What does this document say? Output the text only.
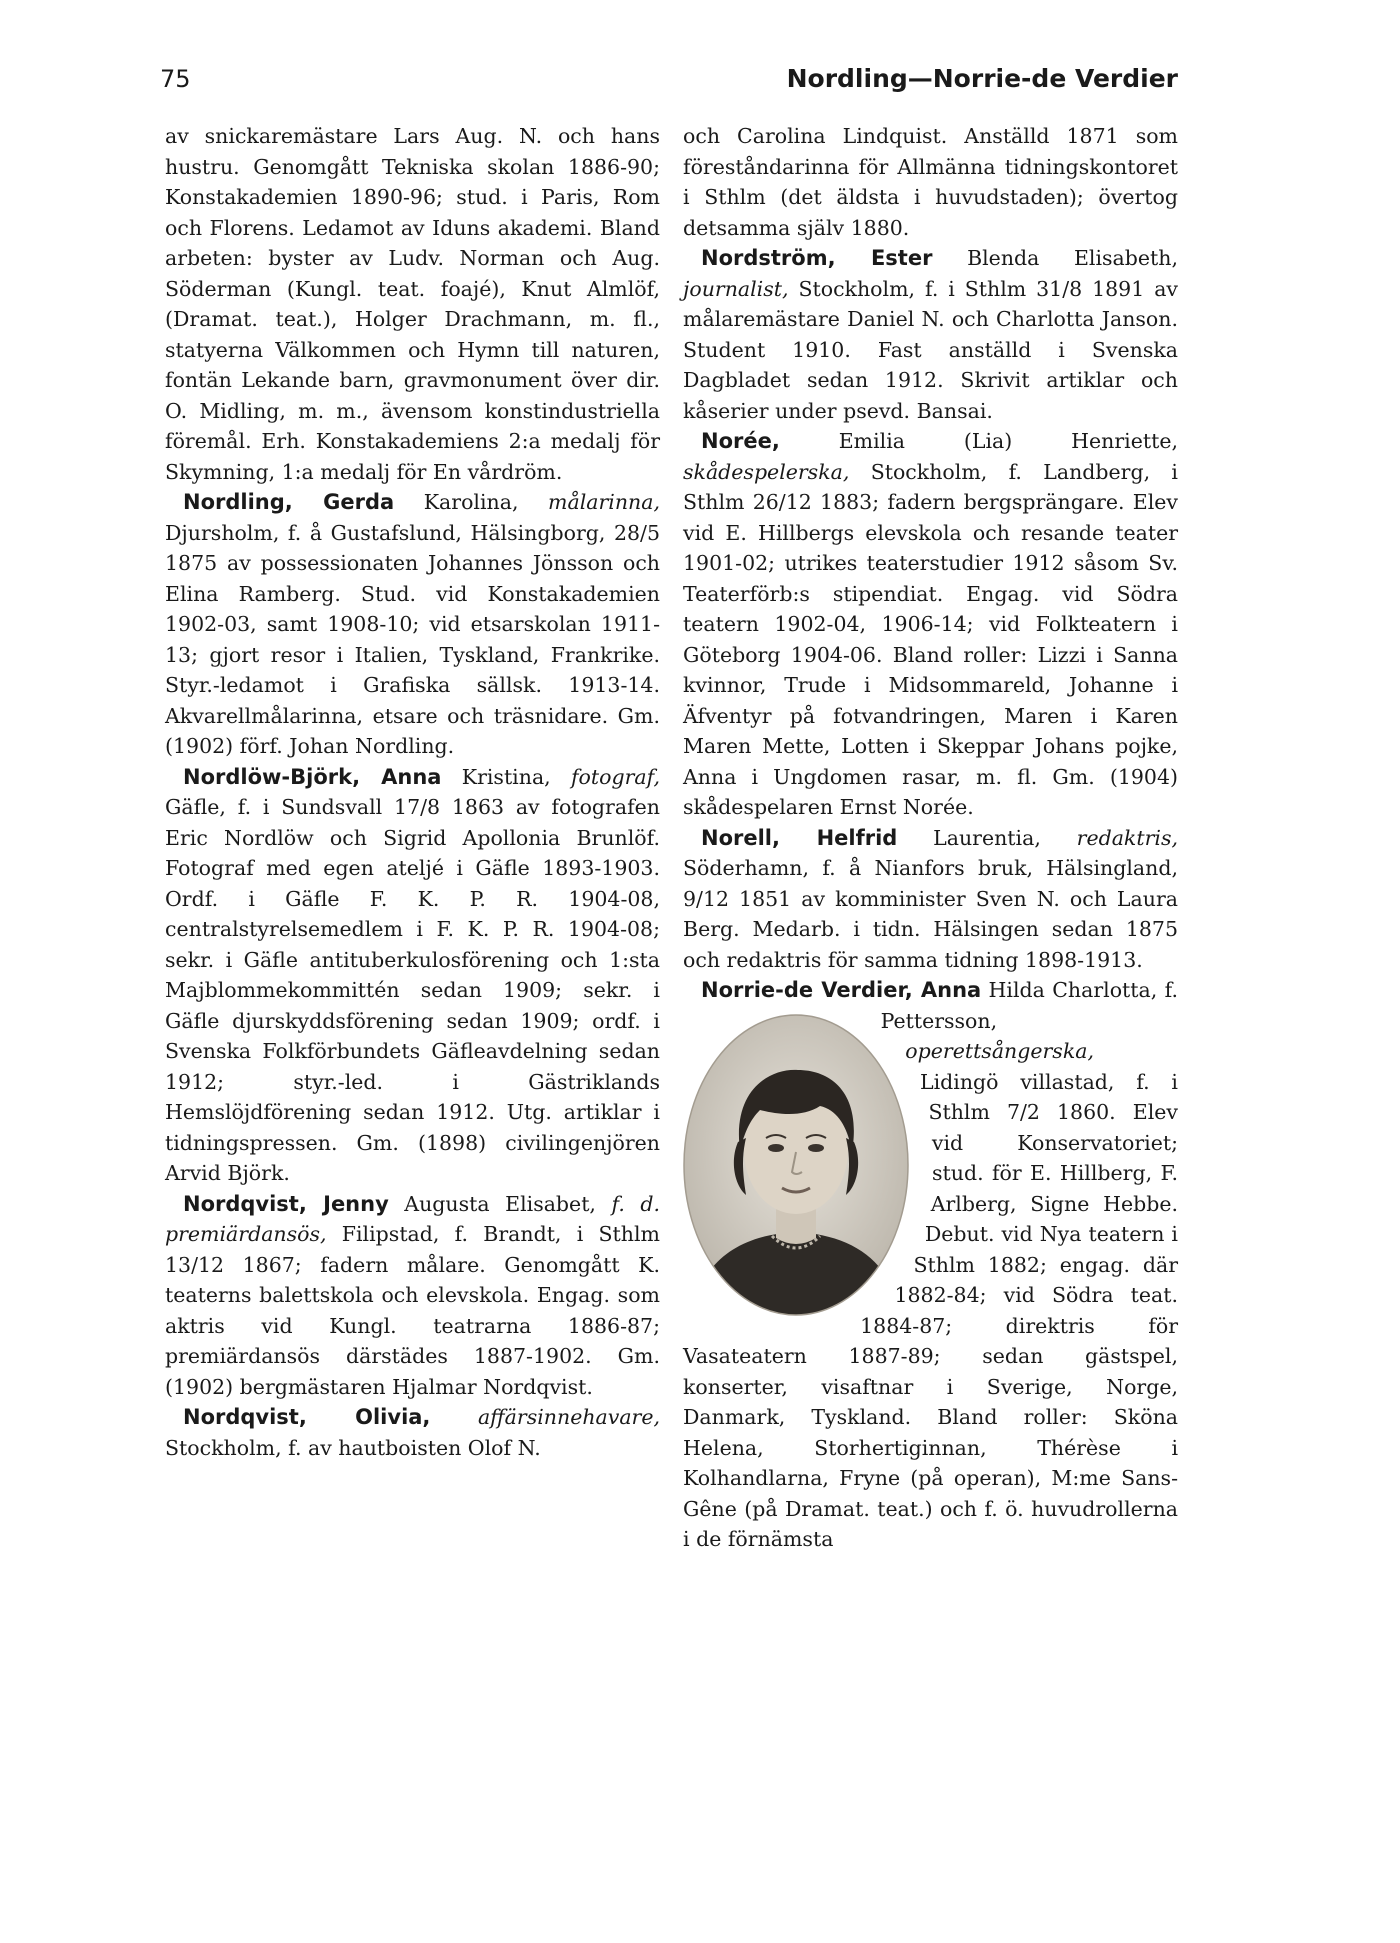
75	Nordling—Norrie-de Verdier

av snickaremästare Lars Aug. N. och hans hustru. Genomgått Tekniska skolan 1886-90; Konstakademien 1890-96; stud. i Paris, Rom och Florens. Ledamot av Iduns akademi. Bland arbeten: byster av Ludv. Norman och Aug. Söderman (Kungl. teat. foajé), Knut Almlöf, (Dramat. teat.), Holger Drachmann, m. fl., statyerna Välkommen och Hymn till naturen, fontän Lekande barn, gravmonument över dir. O. Midling, m. m., ävensom konstindustriella föremål. Erh. Konstakademiens 2:a medalj för Skymning, 1:a medalj för En vårdröm.

Nordling, Gerda Karolina, målarinna, Djursholm, f. å Gustafslund, Hälsingborg, 28/5 1875 av possessionaten Johannes Jönsson och Elina Ramberg. Stud. vid Konstakademien 1902-03, samt 1908-10; vid etsarskolan 1911-13; gjort resor i Italien, Tyskland, Frankrike. Styr.-ledamot i Grafiska sällsk. 1913-14. Akvarellmålarinna, etsare och träsnidare. Gm. (1902) förf. Johan Nordling.

Nordlöw-Björk, Anna Kristina, fotograf, Gäfle, f. i Sundsvall 17/8 1863 av fotografen Eric Nordlöw och Sigrid Apollonia Brunlöf. Fotograf med egen ateljé i Gäfle 1893-1903. Ordf. i Gäfle F. K. P. R. 1904-08, centralstyrelsemedlem i F. K. P. R. 1904-08; sekr. i Gäfle antituberkulosförening och 1:sta Majblommekommittén sedan 1909; sekr. i Gäfle djurskyddsförening sedan 1909; ordf. i Svenska Folkförbundets Gäfleavdelning sedan 1912; styr.-led. i Gästriklands Hemslöjdförening sedan 1912. Utg. artiklar i tidningspressen. Gm. (1898) civilingenjören Arvid Björk.

Nordqvist, Jenny Augusta Elisabet, f. d. premiärdansös, Filipstad, f. Brandt, i Sthlm 13/12 1867; fadern målare. Genomgått K. teaterns balettskola och elevskola. Engag. som aktris vid Kungl. teatrarna 1886-87; premiärdansös därstädes 1887-1902. Gm. (1902) bergmästaren Hjalmar Nordqvist.

Nordqvist, Olivia, affärsinnehavare, Stockholm, f. av hautboisten Olof N.

och Carolina Lindquist. Anställd 1871 som föreståndarinna för Allmänna tidningskontoret i Sthlm (det äldsta i huvudstaden); övertog detsamma själv 1880.

Nordström, Ester Blenda Elisabeth, journalist, Stockholm, f. i Sthlm 31/8 1891 av målaremästare Daniel N. och Charlotta Janson. Student 1910. Fast anställd i Svenska Dagbladet sedan 1912. Skrivit artiklar och kåserier under psevd. Bansai.

Norée,	Emilia (Lia) Henriette, skådespelerska, Stockholm, f. Landberg, i Sthlm 26/12 1883; fadern bergsprängare. Elev vid E. Hillbergs elevskola och resande teater 1901-02; utrikes teaterstudier 1912 såsom Sv. Teaterförb:s stipendiat. Engag. vid Södra teatern 1902-04, 1906-14; vid Folkteatern i Göteborg 1904-06. Bland roller: Lizzi i Sanna kvinnor, Trude i Midsommareld, Johanne i Äfventyr på fotvandringen, Maren i Karen Maren Mette, Lotten i Skeppar Johans pojke, Anna i Ungdomen rasar, m. fl. Gm. (1904) skådespelaren Ernst Norée.

Norell, Helfrid Laurentia, redaktris, Söderhamn, f. å Nianfors bruk, Hälsingland, 9/12 1851 av komminister Sven N. och Laura Berg. Medarb. i tidn. Hälsingen sedan 1875 och redaktris för samma tidning 1898-1913.

Norrie-de Verdier, Anna Hilda Charlotta, f. Pettersson, operettsångerska, Lidingö villastad, f. i Sthlm 7/2 1860. Elev vid Konservatoriet; stud. för E. Hillberg, F. Arlberg, Signe Hebbe. Debut. vid Nya teatern i Sthlm 1882; engag. där 1882-84; vid Södra teat. 1884-87; direktris för Vasateatern 1887-89; sedan gästspel, konserter, visaftnar i Sverige, Norge, Danmark, Tyskland. Bland roller: Sköna Helena, Storhertiginnan, Thérèse i Kolhandlarna, Fryne (på operan), M:me Sans-Gêne (på Dramat. teat.) och f. ö. huvudrollerna i de förnämsta
